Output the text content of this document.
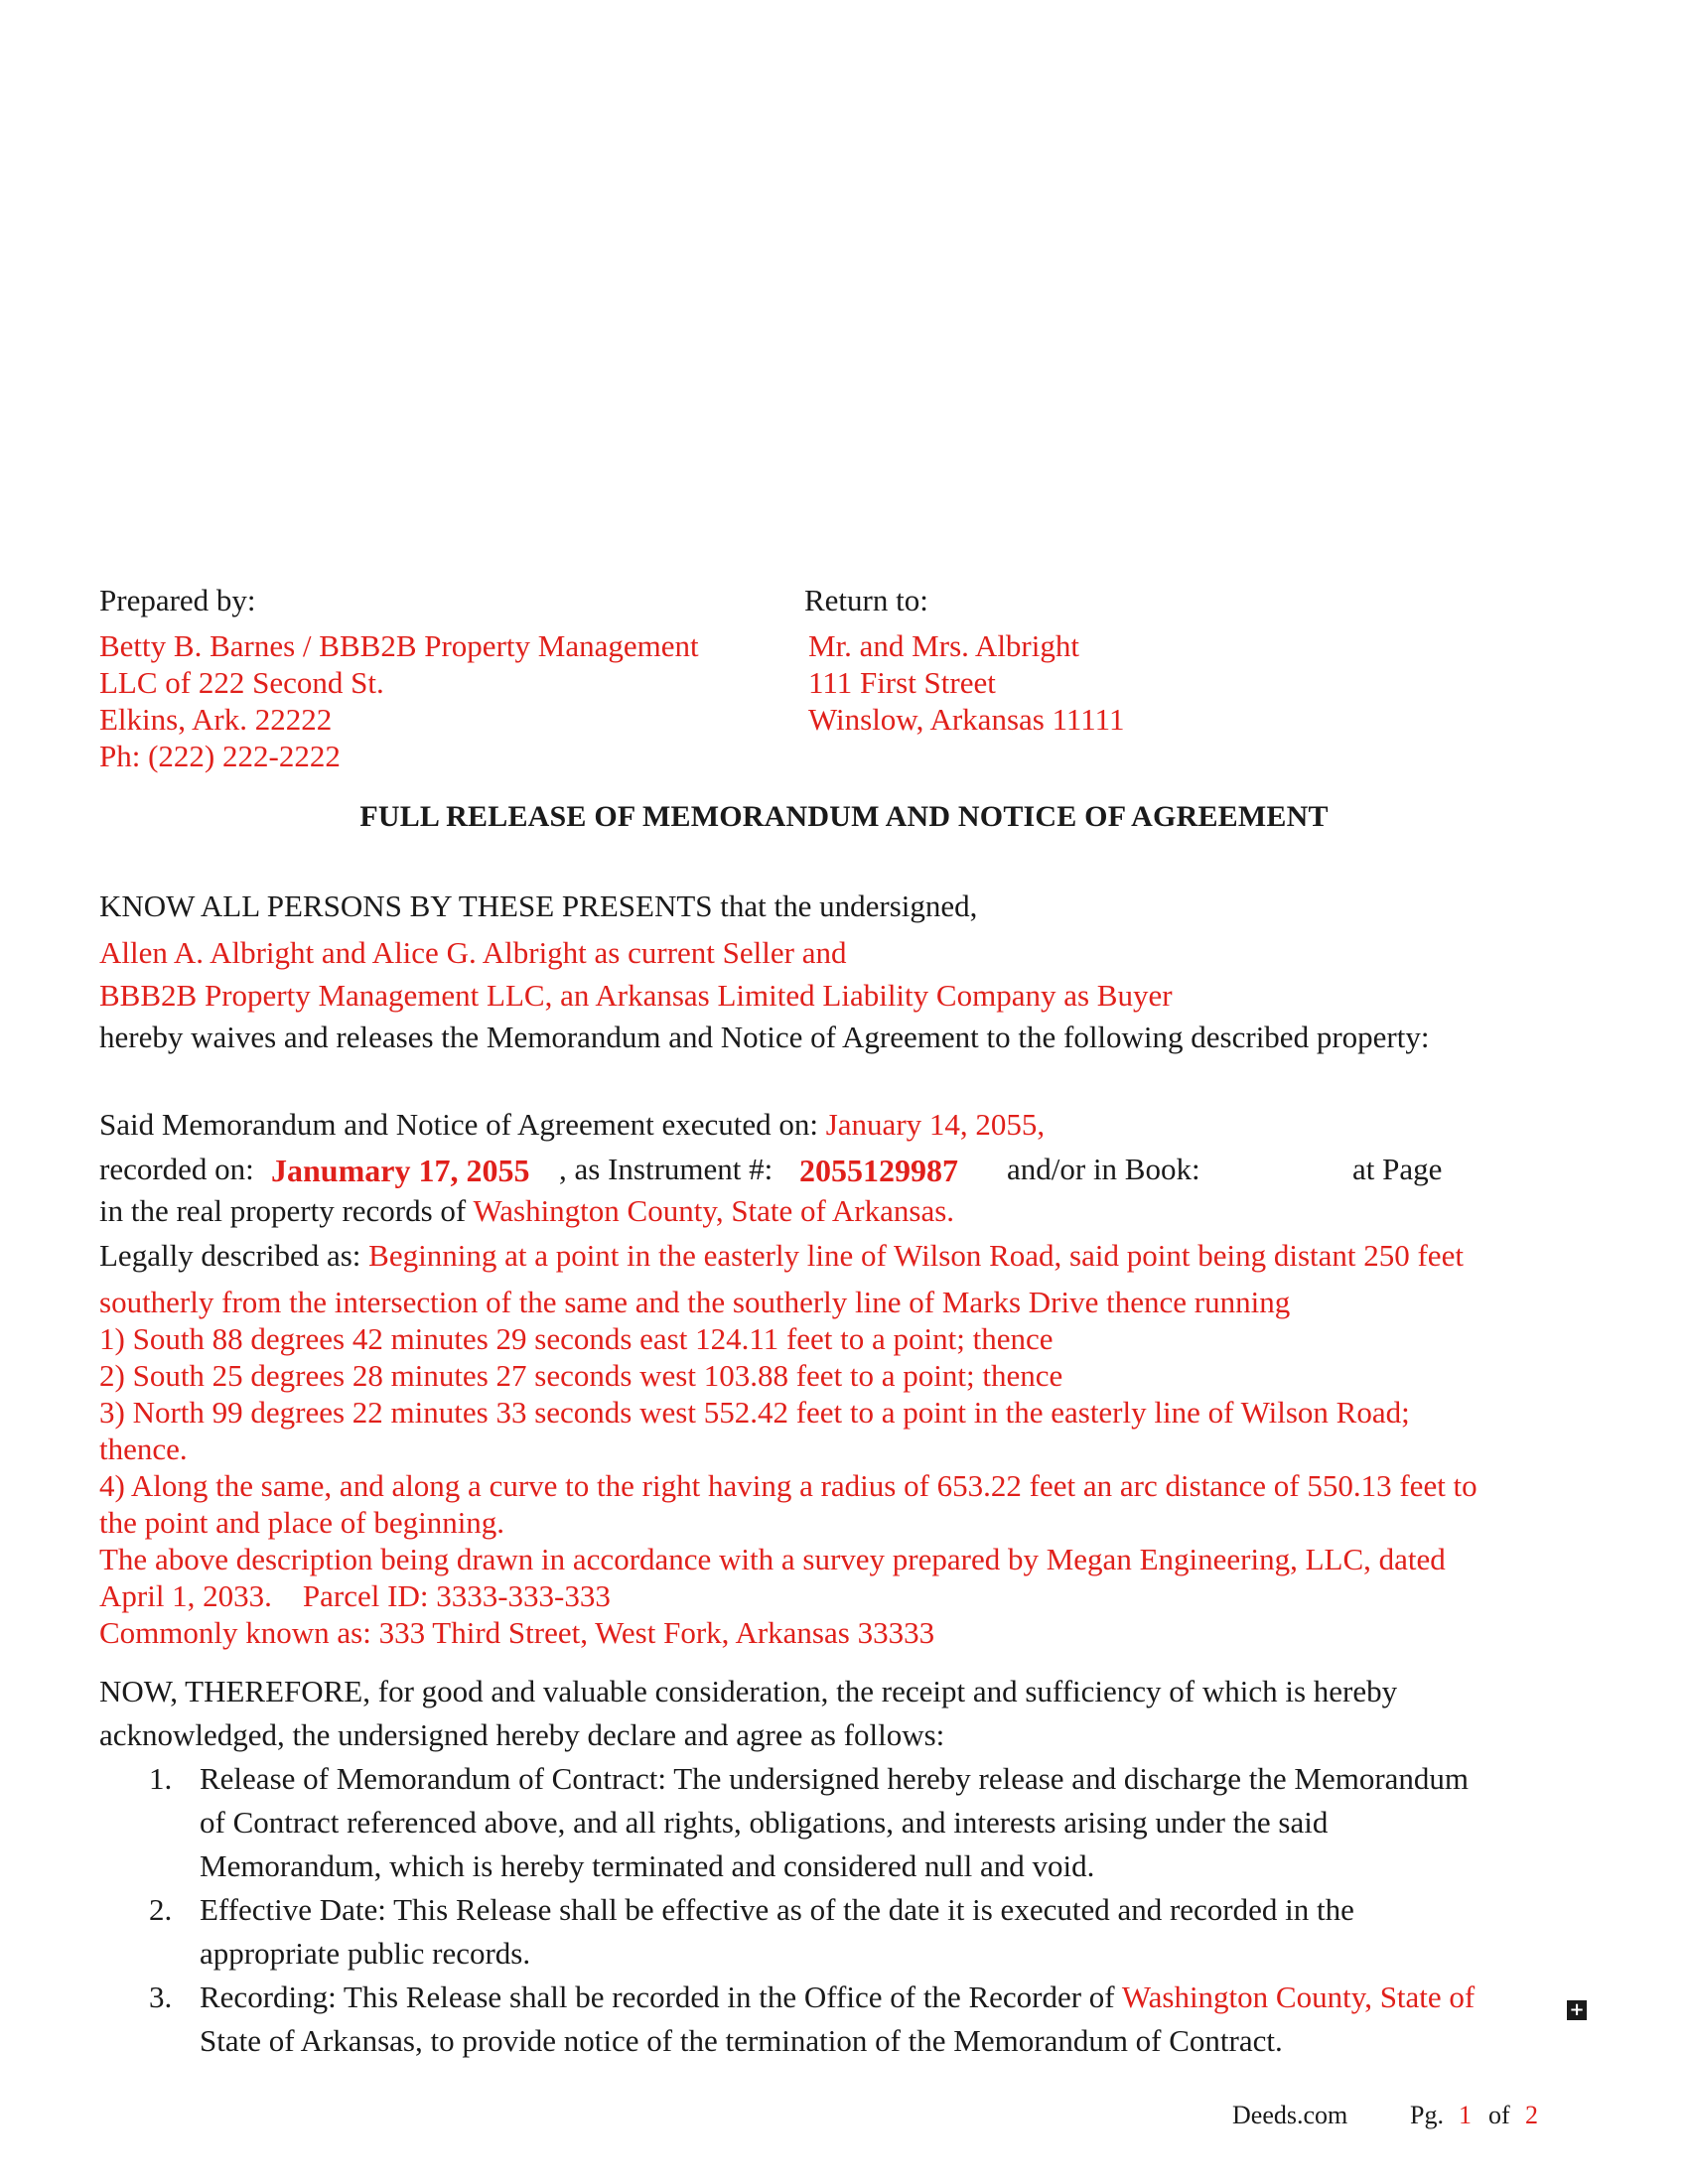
Prepared by:
Betty B. Barnes / BBB2B Property Management
LLC of 222 Second St.
Elkins, Ark. 22222
Ph: (222) 222-2222
Return to:
Mr. and Mrs. Albright
111 First Street
Winslow, Arkansas 11111
FULL RELEASE OF MEMORANDUM AND NOTICE OF AGREEMENT
KNOW ALL PERSONS BY THESE PRESENTS that the undersigned,
Allen A. Albright and Alice G. Albright as current Seller and
BBB2B Property Management LLC, an Arkansas Limited Liability Company as Buyer
hereby waives and releases the Memorandum and Notice of Agreement to the following described property:
Said Memorandum and Notice of Agreement executed on: January 14, 2055,
recorded on: Janumary 17, 2055 , as Instrument #: 2055129987 and/or in Book:	at Page
in the real property records of Washington County, State of Arkansas.
Legally described as: Beginning at a point in the easterly line of Wilson Road, said point being distant 250 feet
southerly from the intersection of the same and the southerly line of Marks Drive thence running
1) South 88 degrees 42 minutes 29 seconds east 124.11 feet to a point; thence
2) South 25 degrees 28 minutes 27 seconds west 103.88 feet to a point; thence
3) North 99 degrees 22 minutes 33 seconds west 552.42 feet to a point in the easterly line of Wilson Road;
thence.
4) Along the same, and along a curve to the right having a radius of 653.22 feet an arc distance of 550.13 feet to
the point and place of beginning.
The above description being drawn in accordance with a survey prepared by Megan Engineering, LLC, dated
April 1, 2033.    Parcel ID: 3333-333-333
Commonly known as: 333 Third Street, West Fork, Arkansas 33333
NOW, THEREFORE, for good and valuable consideration, the receipt and sufficiency of which is hereby
acknowledged, the undersigned hereby declare and agree as follows:
1. Release of Memorandum of Contract: The undersigned hereby release and discharge the Memorandum
of Contract referenced above, and all rights, obligations, and interests arising under the said
Memorandum, which is hereby terminated and considered null and void.
2. Effective Date: This Release shall be effective as of the date it is executed and recorded in the
appropriate public records.
3. Recording: This Release shall be recorded in the Office of the Recorder of Washington County, State of	+
State of Arkansas, to provide notice of the termination of the Memorandum of Contract.
Deeds.com Pg. 1 of 2
